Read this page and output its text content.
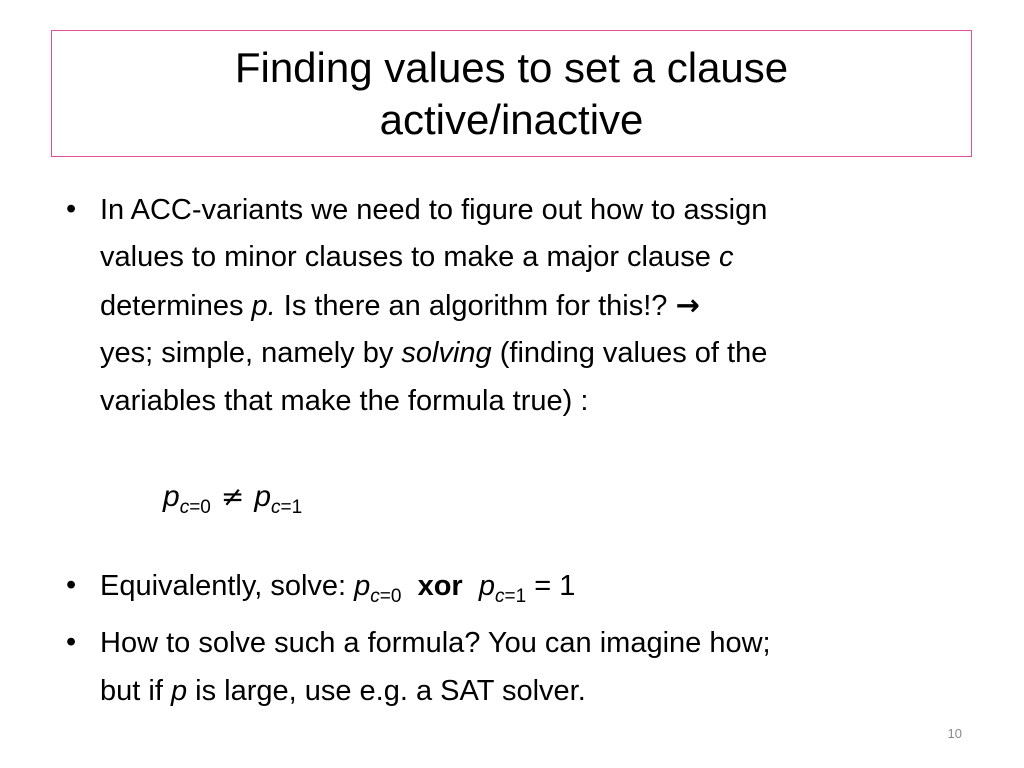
Finding values to set a clause
active/inactive
• In ACC-variants we need to figure out how to assign
values to minor clauses to make a major clause c
determines p. Is there an algorithm for this!? →
yes; simple, namely by solving (finding values of the
variables that make the formula true) :
$p_{c=0} \ne p_{c=1}$
• Equivalently, solve: $p_{c=0}$ xor $p_{c=1} = 1$
• How to solve such a formula? You can imagine how;
but if p is large, use e.g. a SAT solver.
10
